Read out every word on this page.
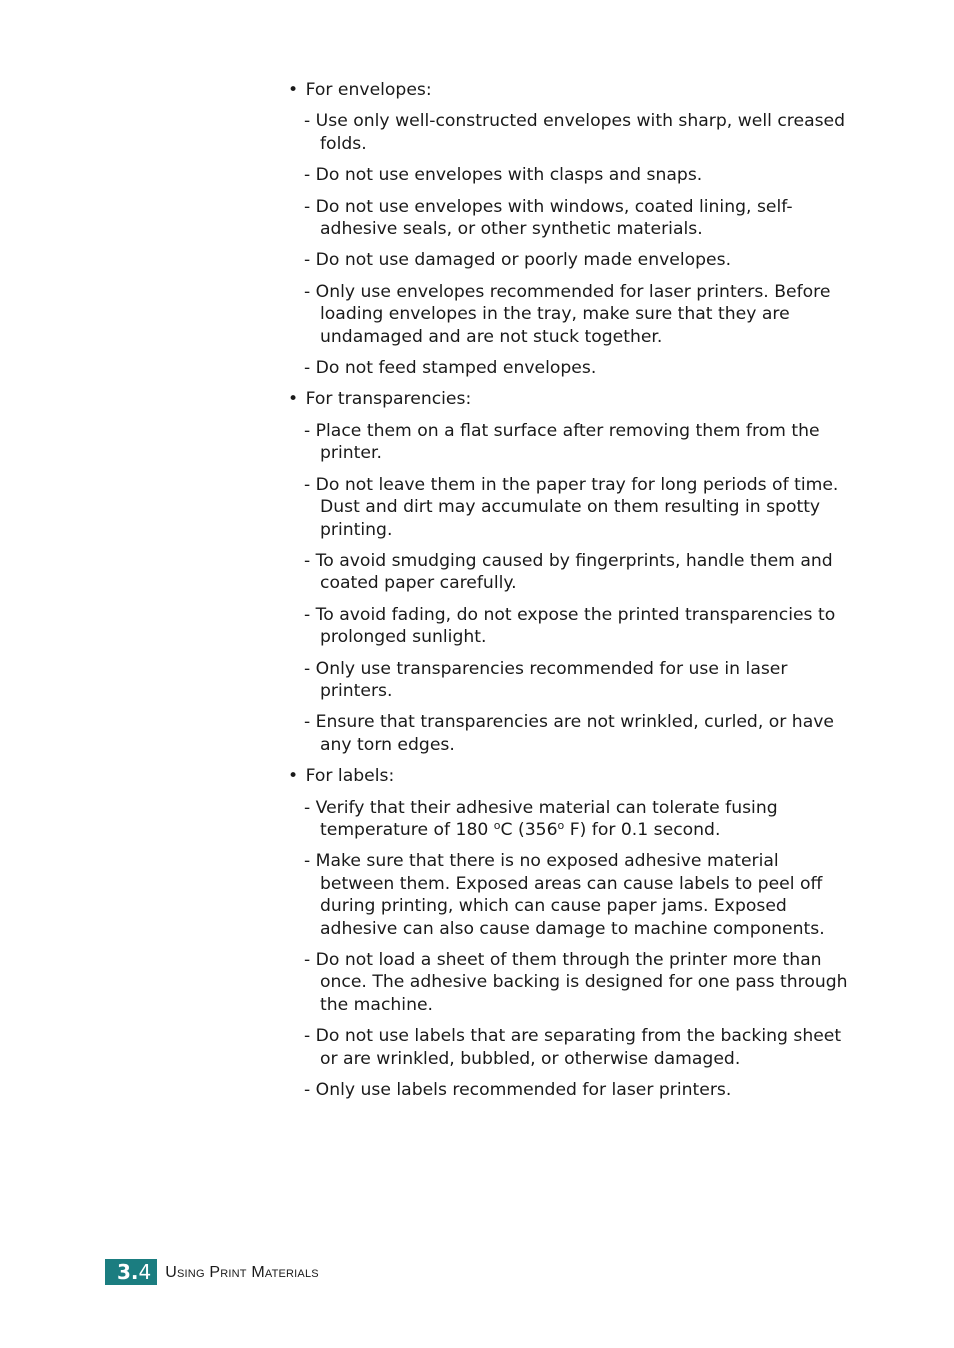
• For envelopes:

- Use only well-constructed envelopes with sharp, well creased folds.

- Do not use envelopes with clasps and snaps.

- Do not use envelopes with windows, coated lining, self-adhesive seals, or other synthetic materials.

- Do not use damaged or poorly made envelopes.

- Only use envelopes recommended for laser printers. Before loading envelopes in the tray, make sure that they are undamaged and are not stuck together.

- Do not feed stamped envelopes.

• For transparencies:

- Place them on a flat surface after removing them from the printer.

- Do not leave them in the paper tray for long periods of time. Dust and dirt may accumulate on them resulting in spotty printing.

- To avoid smudging caused by fingerprints, handle them and coated paper carefully.

- To avoid fading, do not expose the printed transparencies to prolonged sunlight.

- Only use transparencies recommended for use in laser printers.

- Ensure that transparencies are not wrinkled, curled, or have any torn edges.

• For labels:

- Verify that their adhesive material can tolerate fusing temperature of 180 $^o$C (356$^o$ F) for 0.1 second.

- Make sure that there is no exposed adhesive material between them. Exposed areas can cause labels to peel off during printing, which can cause paper jams. Exposed adhesive can also cause damage to machine components.

- Do not load a sheet of them through the printer more than once. The adhesive backing is designed for one pass through the machine.

- Do not use labels that are separating from the backing sheet or are wrinkled, bubbled, or otherwise damaged.

- Only use labels recommended for laser printers.

3. 4 Using Print Materials
